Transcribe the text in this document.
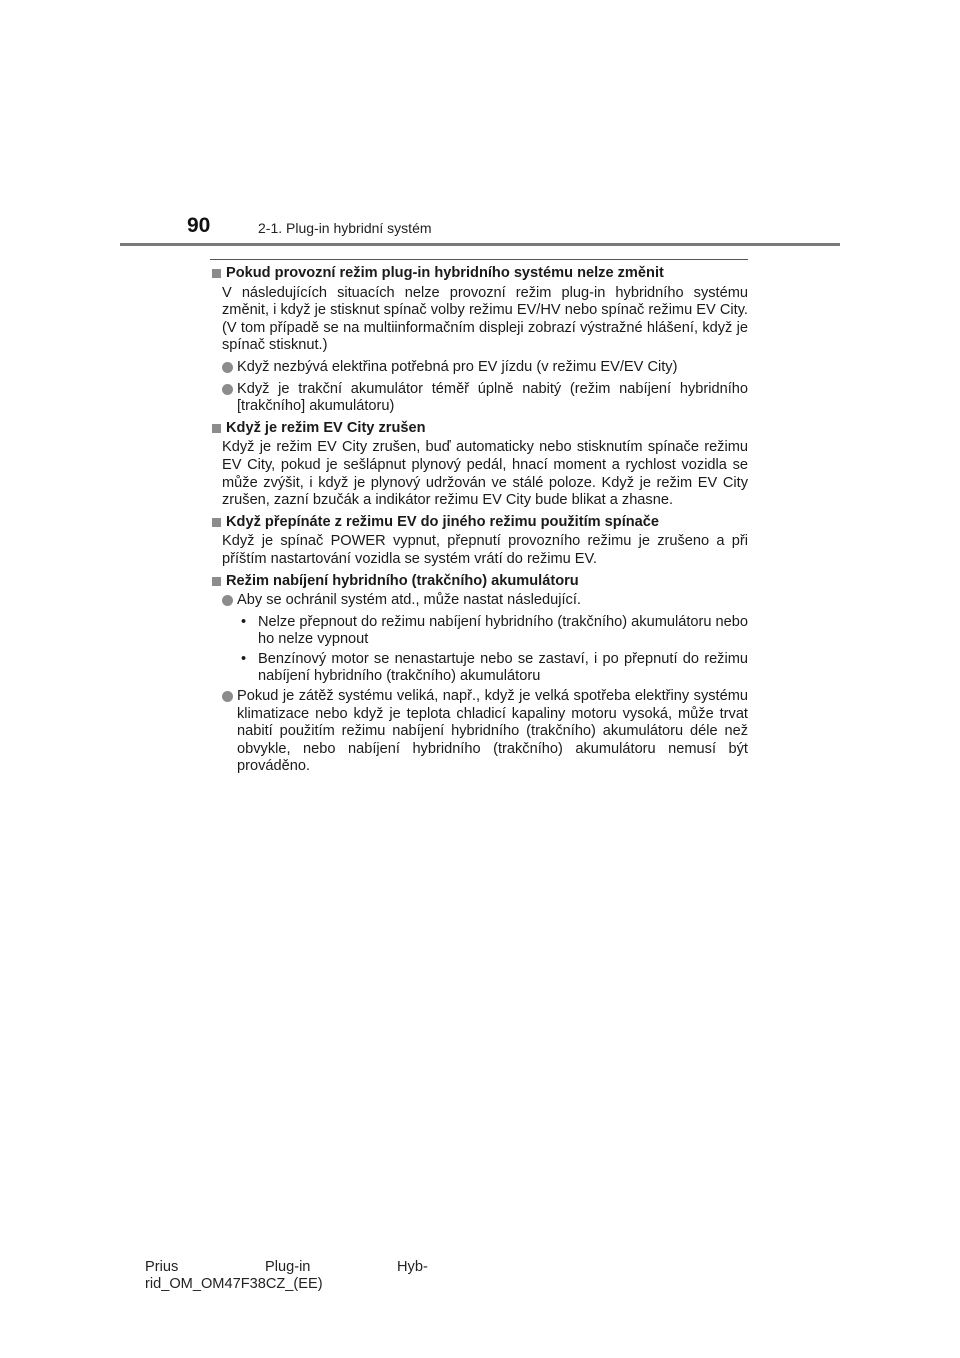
90	2-1. Plug-in hybridní systém
Pokud provozní režim plug-in hybridního systému nelze změnit
V následujících situacích nelze provozní režim plug-in hybridního systému změnit, i když je stisknut spínač volby režimu EV/HV nebo spínač režimu EV City. (V tom případě se na multiinformačním displeji zobrazí výstražné hlášení, když je spínač stisknut.)
Když nezbývá elektřina potřebná pro EV jízdu (v režimu EV/EV City)
Když je trakční akumulátor téměř úplně nabitý (režim nabíjení hybridního [trakčního] akumulátoru)
Když je režim EV City zrušen
Když je režim EV City zrušen, buď automaticky nebo stisknutím spínače režimu EV City, pokud je sešlápnut plynový pedál, hnací moment a rychlost vozidla se může zvýšit, i když je plynový udržován ve stálé poloze. Když je režim EV City zrušen, zazní bzučák a indikátor režimu EV City bude blikat a zhasne.
Když přepínáte z režimu EV do jiného režimu použitím spínače
Když je spínač POWER vypnut, přepnutí provozního režimu je zrušeno a při příštím nastartování vozidla se systém vrátí do režimu EV.
Režim nabíjení hybridního (trakčního) akumulátoru
Aby se ochránil systém atd., může nastat následující.
• Nelze přepnout do režimu nabíjení hybridního (trakčního) akumulátoru nebo ho nelze vypnout
• Benzínový motor se nenastartuje nebo se zastaví, i po přepnutí do režimu nabíjení hybridního (trakčního) akumulátoru
Pokud je zátěž systému veliká, např., když je velká spotřeba elektřiny systému klimatizace nebo když je teplota chladicí kapaliny motoru vysoká, může trvat nabití použitím režimu nabíjení hybridního (trakčního) akumulátoru déle než obvykle, nebo nabíjení hybridního (trakčního) akumulátoru nemusí být prováděno.
Prius	Plug-in	Hyb-
rid_OM_OM47F38CZ_(EE)
